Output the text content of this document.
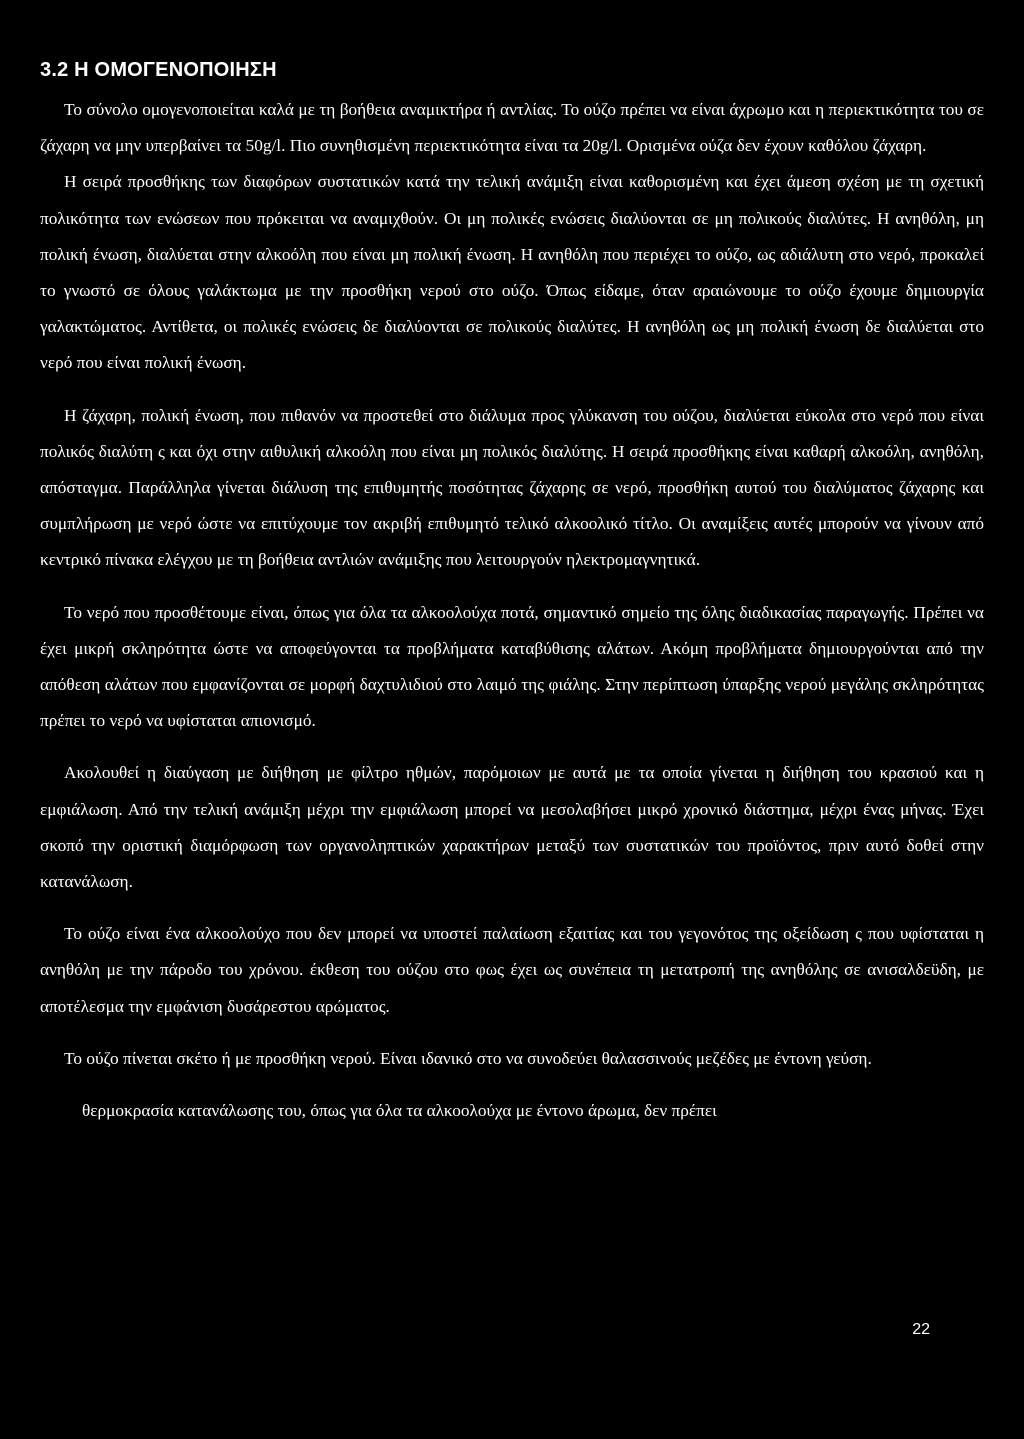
3.2 Η ΟΜΟΓΕΝΟΠΟΙΗΣΗ

Το σύνολο ομογενοποιείται καλά με τη βοήθεια αναμικτήρα ή αντλίας. Το ούζο πρέπει να είναι άχρωμο και η περιεκτικότητα του σε ζάχαρη να μην υπερβαίνει τα 50g/l. Πιο συνηθισμένη περιεκτικότητα είναι τα 20g/l. Ορισμένα ούζα δεν έχουν καθόλου ζάχαρη.

Η σειρά προσθήκης των διαφόρων συστατικών κατά την τελική ανάμιξη είναι καθορισμένη και έχει άμεση σχέση με τη σχετική πολικότητα των ενώσεων που πρόκειται να αναμιχθούν. Οι μη πολικές ενώσεις διαλύονται σε μη πολικούς διαλύτες. Η ανηθόλη, μη πολική ένωση, διαλύεται στην αλκοόλη που είναι μη πολική ένωση. Η ανηθόλη που περιέχει το ούζο, ως αδιάλυτη στο νερό, προκαλεί το γνωστό σε όλους γαλάκτωμα με την προσθήκη νερού στο ούζο. Όπως είδαμε, όταν αραιώνουμε το ούζο έχουμε δημιουργία γαλακτώματος. Αντίθετα, οι πολικές ενώσεις δε διαλύονται σε πολικούς διαλύτες. Η ανηθόλη ως μη πολική ένωση δε διαλύεται στο νερό που είναι πολική ένωση.

Η ζάχαρη, πολική ένωση, που πιθανόν να προστεθεί στο διάλυμα προς γλύκανση του ούζου, διαλύεται εύκολα στο νερό που είναι πολικός διαλύτη ς και όχι στην αιθυλική αλκοόλη που είναι μη πολικός διαλύτης. Η σειρά προσθήκης είναι καθαρή αλκοόλη, ανηθόλη, απόσταγμα. Παράλληλα γίνεται διάλυση της επιθυμητής ποσότητας ζάχαρης σε νερό, προσθήκη αυτού του διαλύματος ζάχαρης και συμπλήρωση με νερό ώστε να επιτύχουμε τον ακριβή επιθυμητό τελικό αλκοολικό τίτλο. Οι αναμίξεις αυτές μπορούν να γίνουν από κεντρικό πίνακα ελέγχου με τη βοήθεια αντλιών ανάμιξης που λειτουργούν ηλεκτρομαγνητικά.

Το νερό που προσθέτουμε είναι, όπως για όλα τα αλκοολούχα ποτά, σημαντικό σημείο της όλης διαδικασίας παραγωγής. Πρέπει να έχει μικρή σκληρότητα ώστε να αποφεύγονται τα προβλήματα καταβύθισης αλάτων. Ακόμη προβλήματα δημιουργούνται από την απόθεση αλάτων που εμφανίζονται σε μορφή δαχτυλιδιού στο λαιμό της φιάλης. Στην περίπτωση ύπαρξης νερού μεγάλης σκληρότητας πρέπει το νερό να υφίσταται απιονισμό.

Ακολουθεί η διαύγαση με διήθηση με φίλτρο ηθμών, παρόμοιων με αυτά με τα οποία γίνεται η διήθηση του κρασιού και η εμφιάλωση. Από την τελική ανάμιξη μέχρι την εμφιάλωση μπορεί να μεσολαβήσει μικρό χρονικό διάστημα, μέχρι ένας μήνας. Έχει σκοπό την οριστική διαμόρφωση των οργανοληπτικών χαρακτήρων μεταξύ των συστατικών του προϊόντος, πριν αυτό δοθεί στην κατανάλωση.

Το ούζο είναι ένα αλκοολούχο που δεν μπορεί να υποστεί παλαίωση εξαιτίας και του γεγονότος της οξείδωση ς που υφίσταται η ανηθόλη με την πάροδο του χρόνου. έκθεση του ούζου στο φως έχει ως συνέπεια τη μετατροπή της ανηθόλης σε ανισαλδεϋδη, με αποτέλεσμα την εμφάνιση δυσάρεστου αρώματος.

Το ούζο πίνεται σκέτο ή με προσθήκη νερού. Είναι ιδανικό στο να συνοδεύει θαλασσινούς μεζέδες με έντονη γεύση.

θερμοκρασία κατανάλωσης του, όπως για όλα τα αλκοολούχα με έντονο άρωμα, δεν πρέπει

22
